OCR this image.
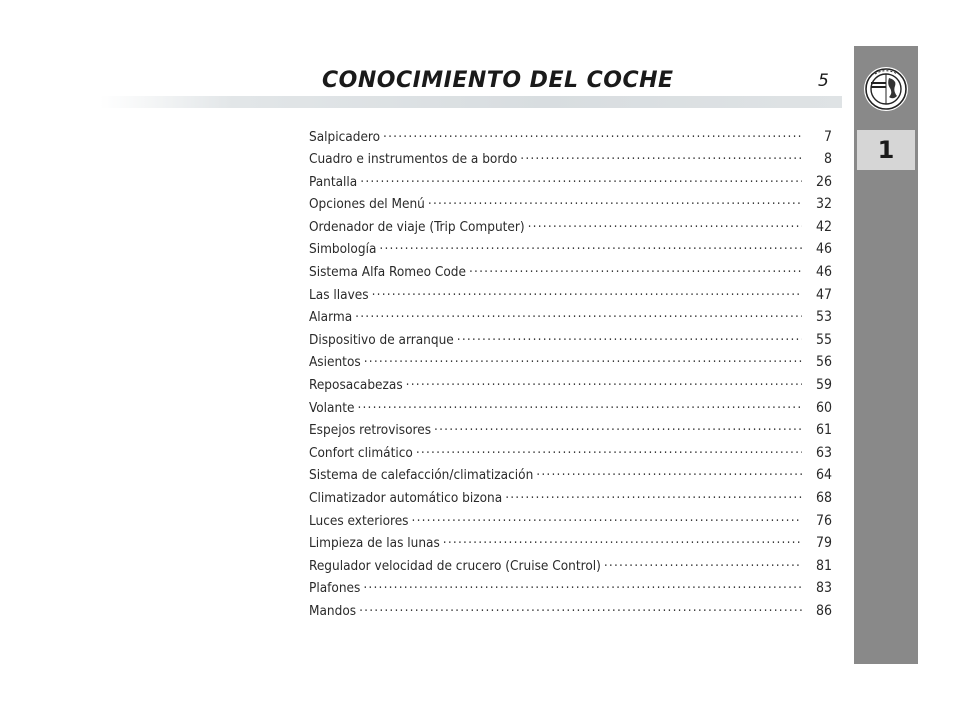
CONOCIMIENTO DEL COCHE	5
1
Salpicadero .....	7
Cuadro e instrumentos de a bordo .....	8
Pantalla .....	26
Opciones del Menú .....	32
Ordenador de viaje (Trip Computer) .....	42
Simbología .....	46
Sistema Alfa Romeo Code .....	46
Las llaves .....	47
Alarma .....	53
Dispositivo de arranque .....	55
Asientos .....	56
Reposacabezas .....	59
Volante .....	60
Espejos retrovisores .....	61
Confort climático .....	63
Sistema de calefacción/climatización .....	64
Climatizador automático bizona .....	68
Luces exteriores .....	76
Limpieza de las lunas .....	79
Regulador velocidad de crucero (Cruise Control) .....	81
Plafones .....	83
Mandos .....	86
